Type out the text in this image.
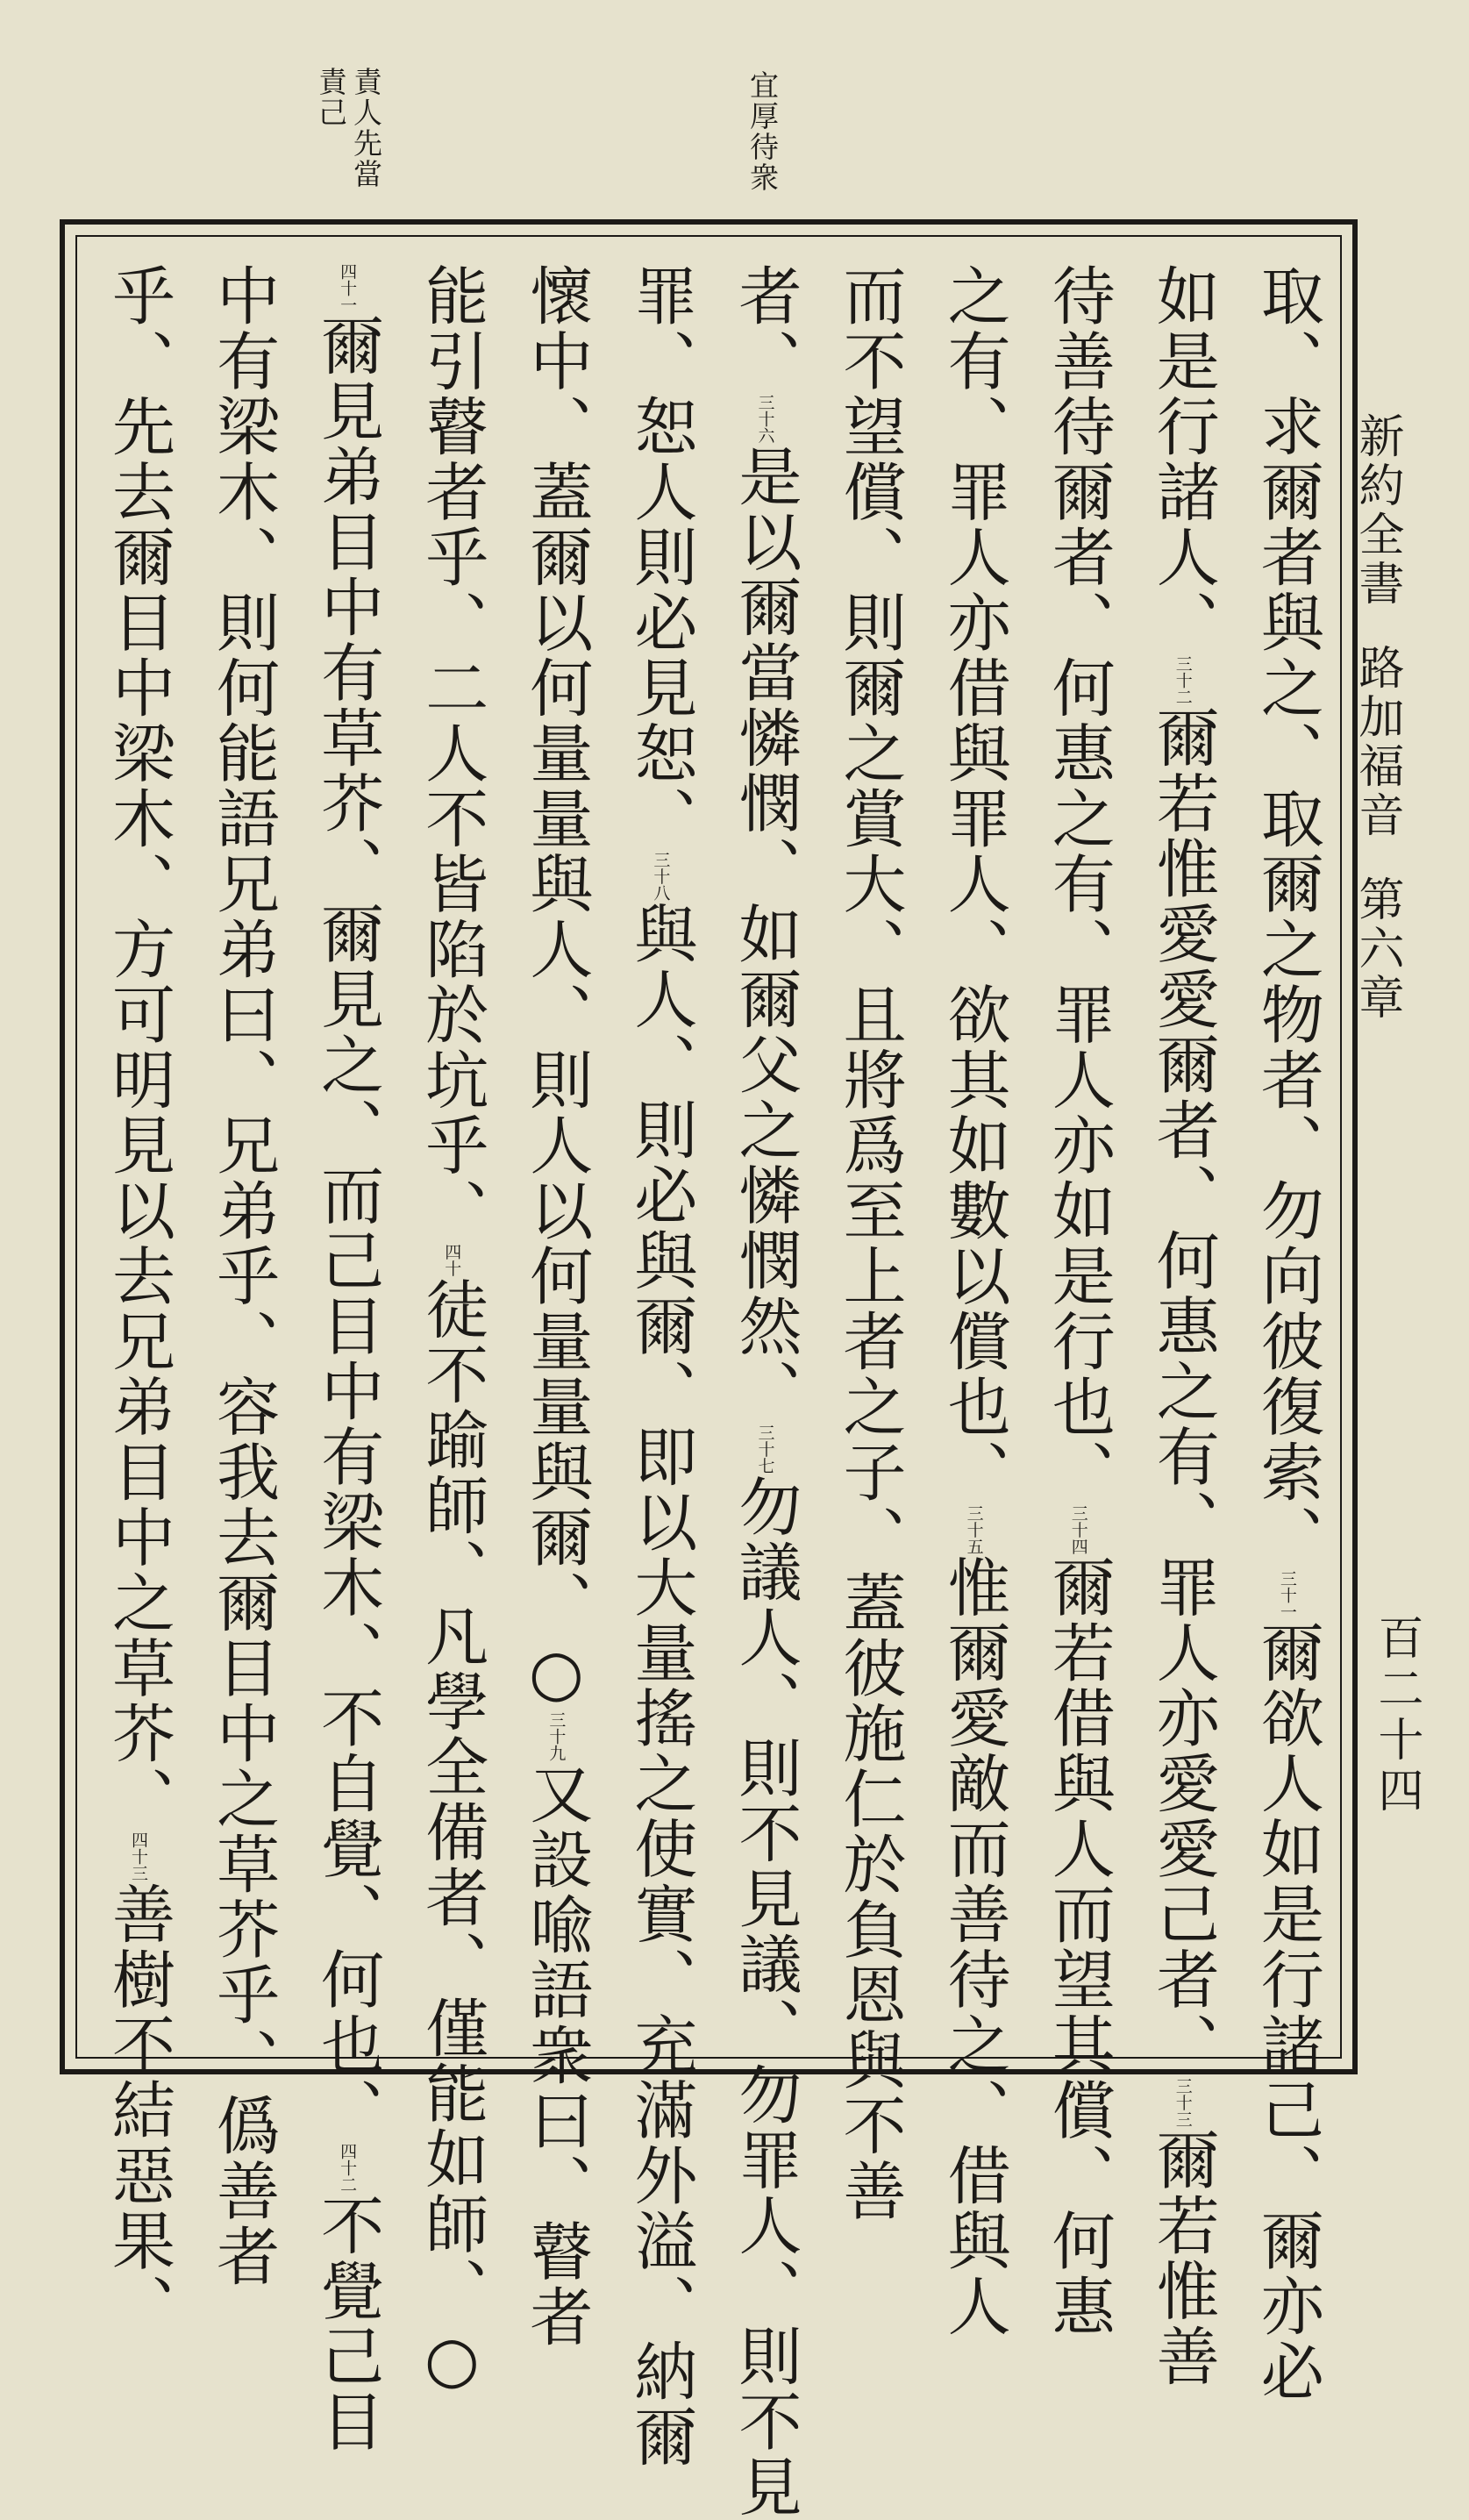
新約全書路加福音第六章
百二十四
宜厚待衆
責人先當
責己
取、求爾者與之、取爾之物者、勿向彼復索、三十一爾欲人如是行諸己、爾亦必
如是行諸人、三十二爾若惟愛愛爾者、何惠之有、罪人亦愛愛己者、三十三爾若惟善
待善待爾者、何惠之有、罪人亦如是行也、三十四爾若借與人而望其償、何惠
之有、罪人亦借與罪人、欲其如數以償也、三十五惟爾愛敵而善待之、借與人
而不望償、則爾之賞大、且將爲至上者之子、蓋彼施仁於負恩與不善
者、三十六是以爾當憐憫、如爾父之憐憫然、三十七勿議人、則不見議、勿罪人、則不見
罪、恕人則必見恕、三十八與人、則必與爾、即以大量搖之使實、充滿外溢、納爾
懷中、蓋爾以何量量與人、則人以何量量與爾、○三十九又設喩語衆曰、瞽者
能引瞽者乎、二人不皆陷於坑乎、四十徒不踰師、凡學全備者、僅能如師、○
四十一爾見弟目中有草芥、爾見之、而己目中有梁木、不自覺、何也、四十二不覺己目
中有梁木、則何能語兄弟曰、兄弟乎、容我去爾目中之草芥乎、僞善者
乎、先去爾目中梁木、方可明見以去兄弟目中之草芥、四十三善樹不結惡果、
